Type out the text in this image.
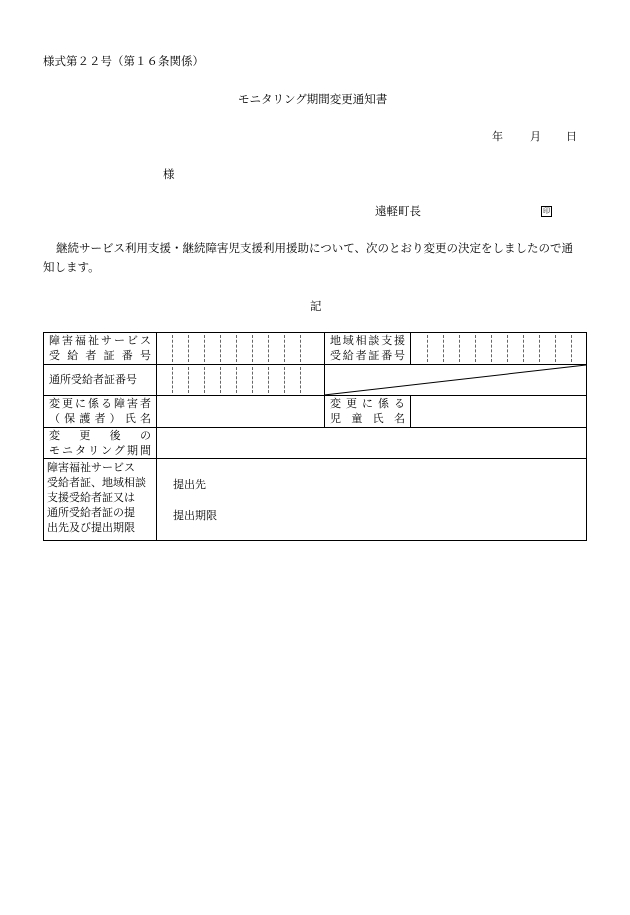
様式第２２号（第１６条関係）
モニタリング期間変更通知書
年 月 日
様
遠軽町長	印
継続サービス利用支援・継続障害児支援利用援助について、次のとおり変更の決定をしましたので通
知します。
記
障害福祉サービス
受給者証番号
地域相談支援
受給者証番号
通所受給者証番号
変更に係る障害者
（保護者）氏名
変更に係る
児童氏名
変　更　後　の
モニタリング期間
障害福祉サービス
受給者証、地域相談
支援受給者証又は
通所受給者証の提
出先及び提出期限
提出先
提出期限
